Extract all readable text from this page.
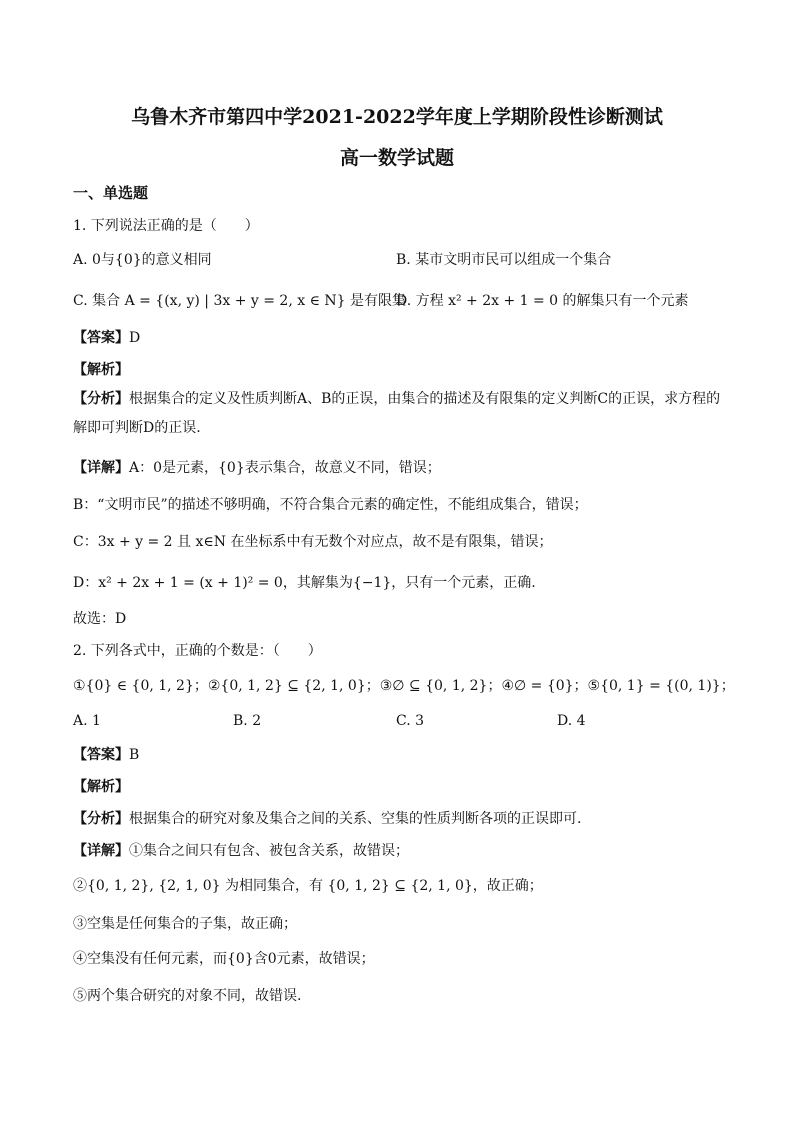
乌鲁木齐市第四中学2021-2022学年度上学期阶段性诊断测试
高一数学试题
一、单选题
1. 下列说法正确的是（　　）
A. 0与{0}的意义相同	B. 某市文明市民可以组成一个集合
C. 集合 A = {(x, y) | 3x + y = 2, x ∈ N} 是有限集
D. 方程 x² + 2x + 1 = 0 的解集只有一个元素
【答案】D
【解析】
【分析】根据集合的定义及性质判断A、B的正误，由集合的描述及有限集的定义判断C的正误，求方程的解即可判断D的正误.
【详解】A：0是元素，{0}表示集合，故意义不同，错误；
B：“文明市民”的描述不够明确，不符合集合元素的确定性，不能组成集合，错误；
C：3x + y = 2 且 x∈N 在坐标系中有无数个对应点，故不是有限集，错误；
D：x² + 2x + 1 = (x + 1)² = 0，其解集为{−1}，只有一个元素，正确.
故选：D
2. 下列各式中，正确的个数是：（　　）
①{0} ∈ {0, 1, 2}；②{0, 1, 2} ⊆ {2, 1, 0}；③∅ ⊆ {0, 1, 2}；④∅ = {0}；⑤{0, 1} = {(0, 1)}；
A. 1	B. 2	C. 3	D. 4
【答案】B
【解析】
【分析】根据集合的研究对象及集合之间的关系、空集的性质判断各项的正误即可.
【详解】①集合之间只有包含、被包含关系，故错误；
②{0, 1, 2}, {2, 1, 0} 为相同集合，有 {0, 1, 2} ⊆ {2, 1, 0}，故正确；
③空集是任何集合的子集，故正确；
④空集没有任何元素，而{0}含0元素，故错误；
⑤两个集合研究的对象不同，故错误.
